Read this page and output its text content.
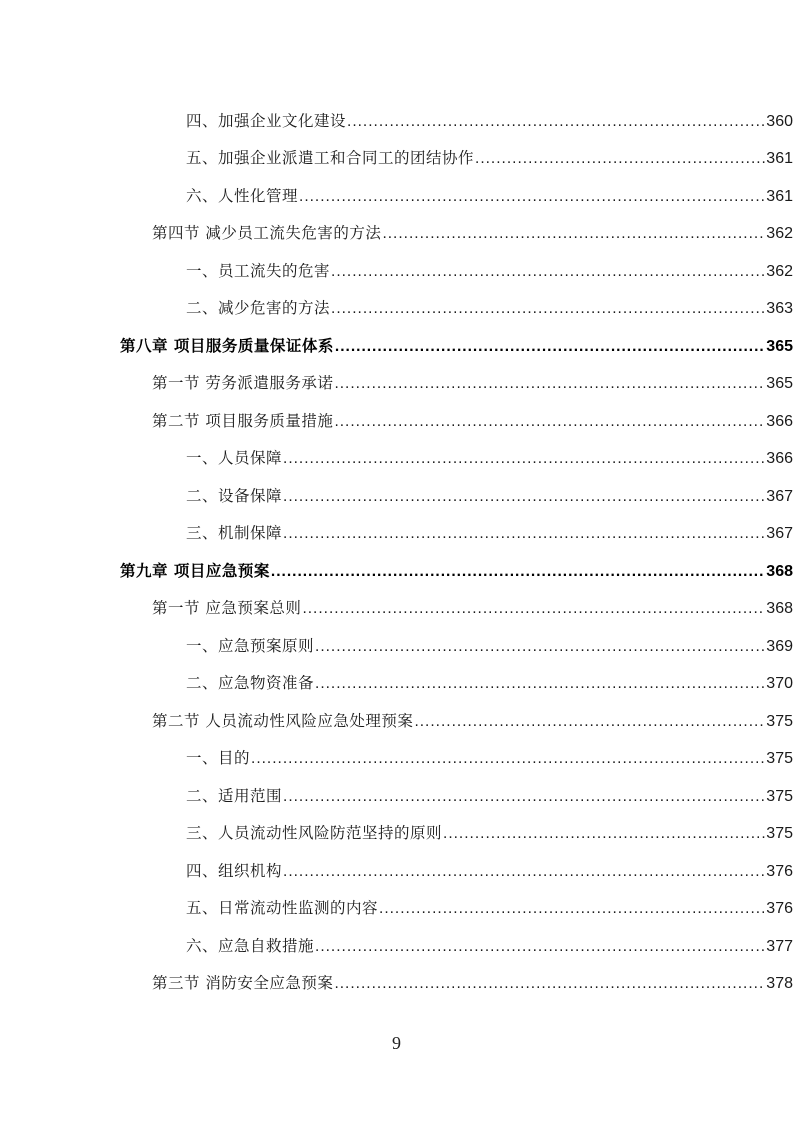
四、加强企业文化建设 .....	360
五、加强企业派遣工和合同工的团结协作 .....	361
六、人性化管理 .....	361
第四节 减少员工流失危害的方法 .....	362
一、员工流失的危害 .....	362
二、减少危害的方法 .....	363
第八章 项目服务质量保证体系 .....	365
第一节 劳务派遣服务承诺 .....	365
第二节 项目服务质量措施 .....	366
一、人员保障 .....	366
二、设备保障 .....	367
三、机制保障 .....	367
第九章 项目应急预案 .....	368
第一节 应急预案总则 .....	368
一、应急预案原则 .....	369
二、应急物资准备 .....	370
第二节 人员流动性风险应急处理预案 .....	375
一、目的 .....	375
二、适用范围 .....	375
三、人员流动性风险防范坚持的原则 .....	375
四、组织机构 .....	376
五、日常流动性监测的内容 .....	376
六、应急自救措施 .....	377
第三节 消防安全应急预案 .....	378
9
